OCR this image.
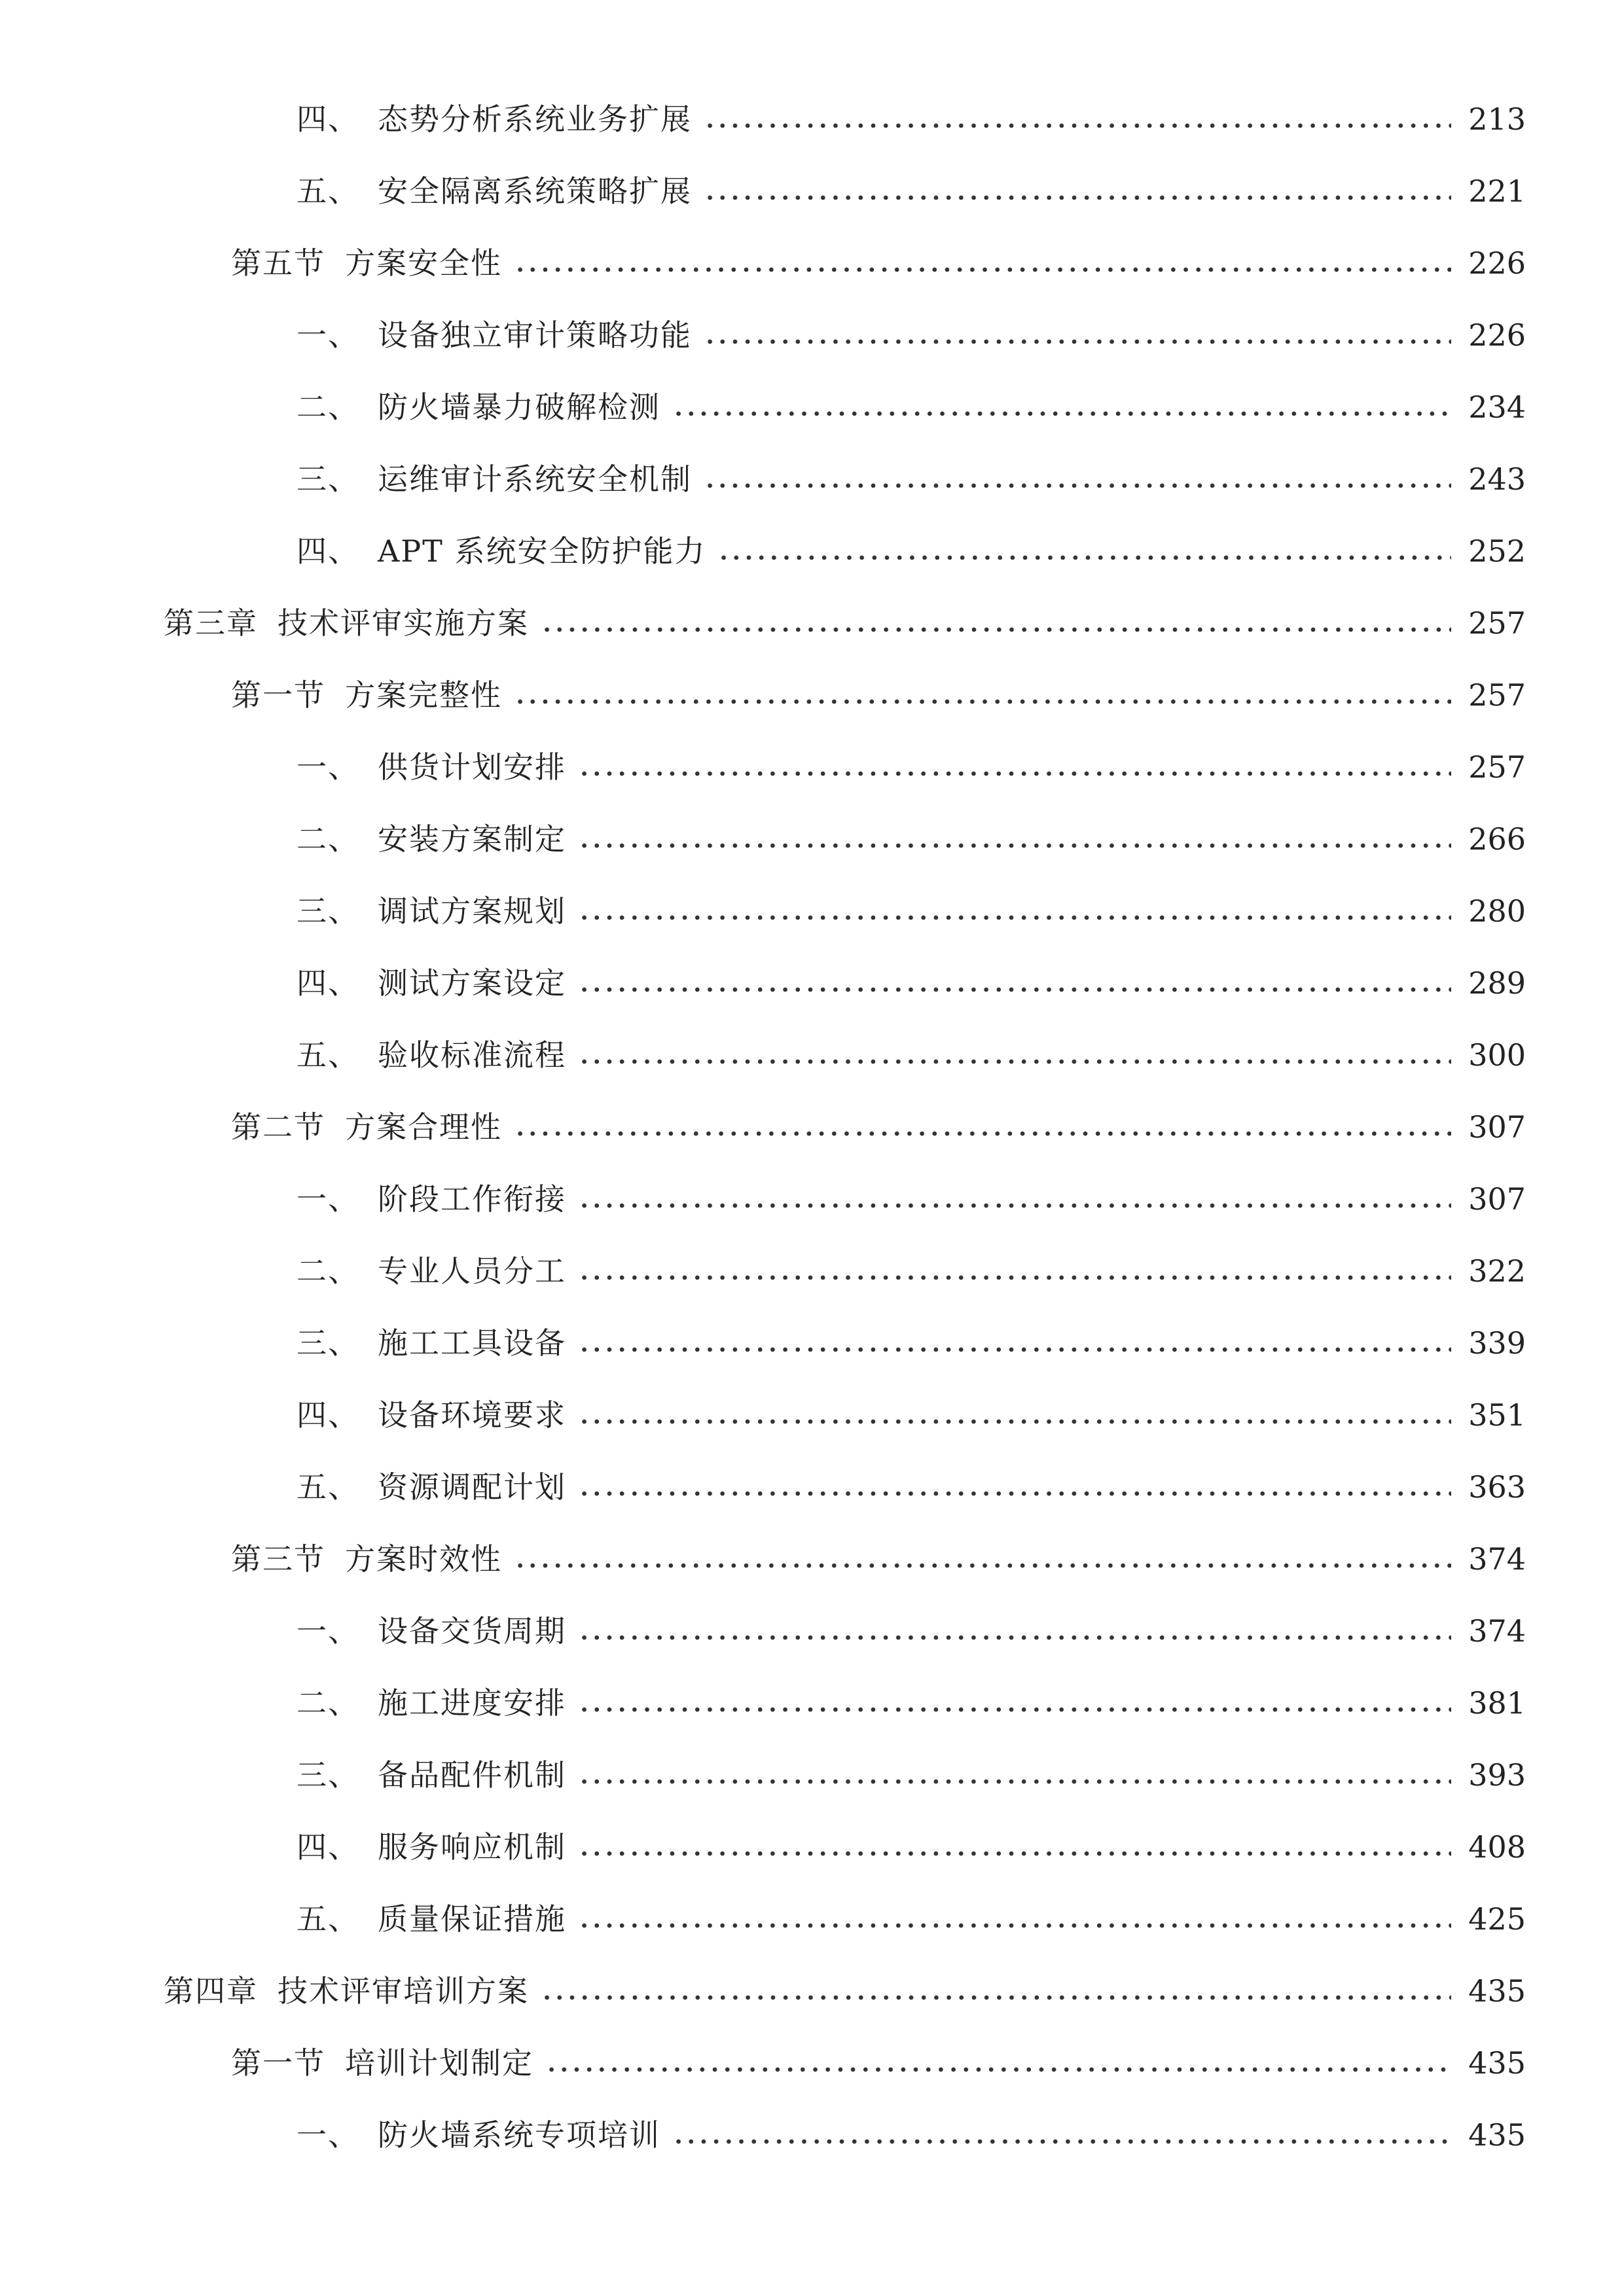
四、 态势分析系统业务扩展	213
五、 安全隔离系统策略扩展	221
第五节 方案安全性	226
一、 设备独立审计策略功能	226
二、 防火墙暴力破解检测	234
三、 运维审计系统安全机制	243
四、 APT 系统安全防护能力	252
第三章 技术评审实施方案	257
第一节 方案完整性	257
一、 供货计划安排	257
二、 安装方案制定	266
三、 调试方案规划	280
四、 测试方案设定	289
五、 验收标准流程	300
第二节 方案合理性	307
一、 阶段工作衔接	307
二、 专业人员分工	322
三、 施工工具设备	339
四、 设备环境要求	351
五、 资源调配计划	363
第三节 方案时效性	374
一、 设备交货周期	374
二、 施工进度安排	381
三、 备品配件机制	393
四、 服务响应机制	408
五、 质量保证措施	425
第四章 技术评审培训方案	435
第一节 培训计划制定	435
一、 防火墙系统专项培训	435
